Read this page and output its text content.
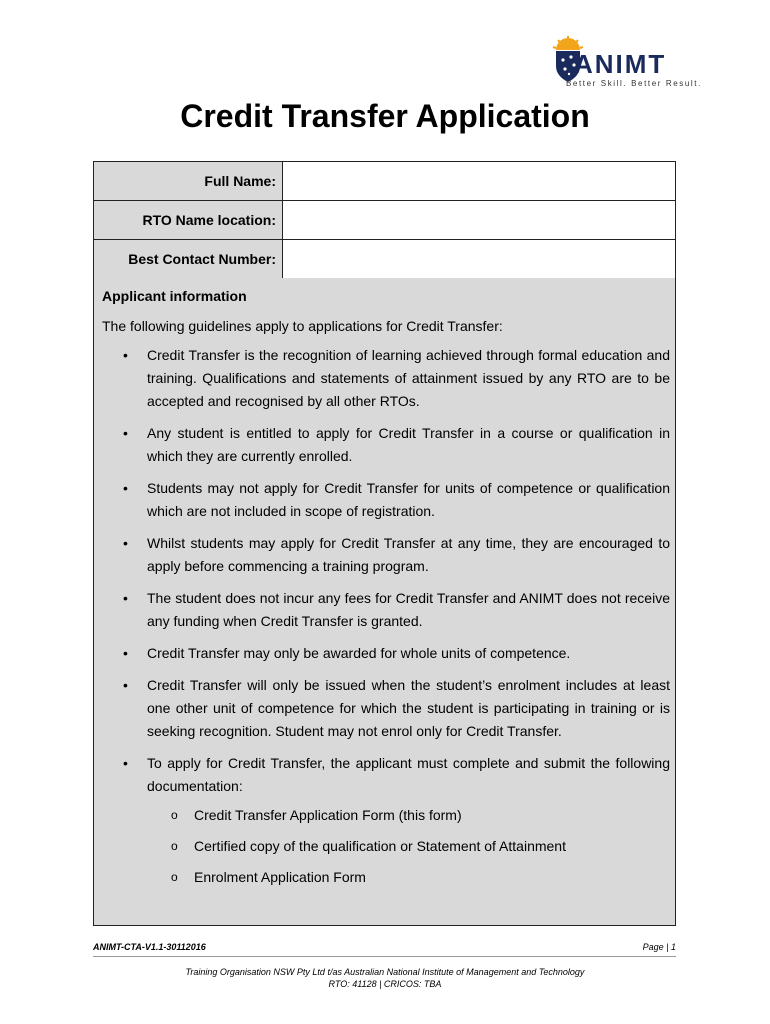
ANIMT
Better Skill. Better Result.
Credit Transfer Application
Full Name:	
RTO Name location:	
Best Contact Number:	
Applicant information
The following guidelines apply to applications for Credit Transfer:
• Credit Transfer is the recognition of learning achieved through formal education and training. Qualifications and statements of attainment issued by any RTO are to be accepted and recognised by all other RTOs.
• Any student is entitled to apply for Credit Transfer in a course or qualification in which they are currently enrolled.
• Students may not apply for Credit Transfer for units of competence or qualification which are not included in scope of registration.
• Whilst students may apply for Credit Transfer at any time, they are encouraged to apply before commencing a training program.
• The student does not incur any fees for Credit Transfer and ANIMT does not receive any funding when Credit Transfer is granted.
• Credit Transfer may only be awarded for whole units of competence.
• Credit Transfer will only be issued when the student’s enrolment includes at least one other unit of competence for which the student is participating in training or is seeking recognition. Student may not enrol only for Credit Transfer.
• To apply for Credit Transfer, the applicant must complete and submit the following documentation:
o Credit Transfer Application Form (this form)
o Certified copy of the qualification or Statement of Attainment
o Enrolment Application Form
ANIMT-CTA-V1.1-30112016	Page | 1
Training Organisation NSW Pty Ltd t/as Australian National Institute of Management and Technology
RTO: 41128 | CRICOS: TBA
